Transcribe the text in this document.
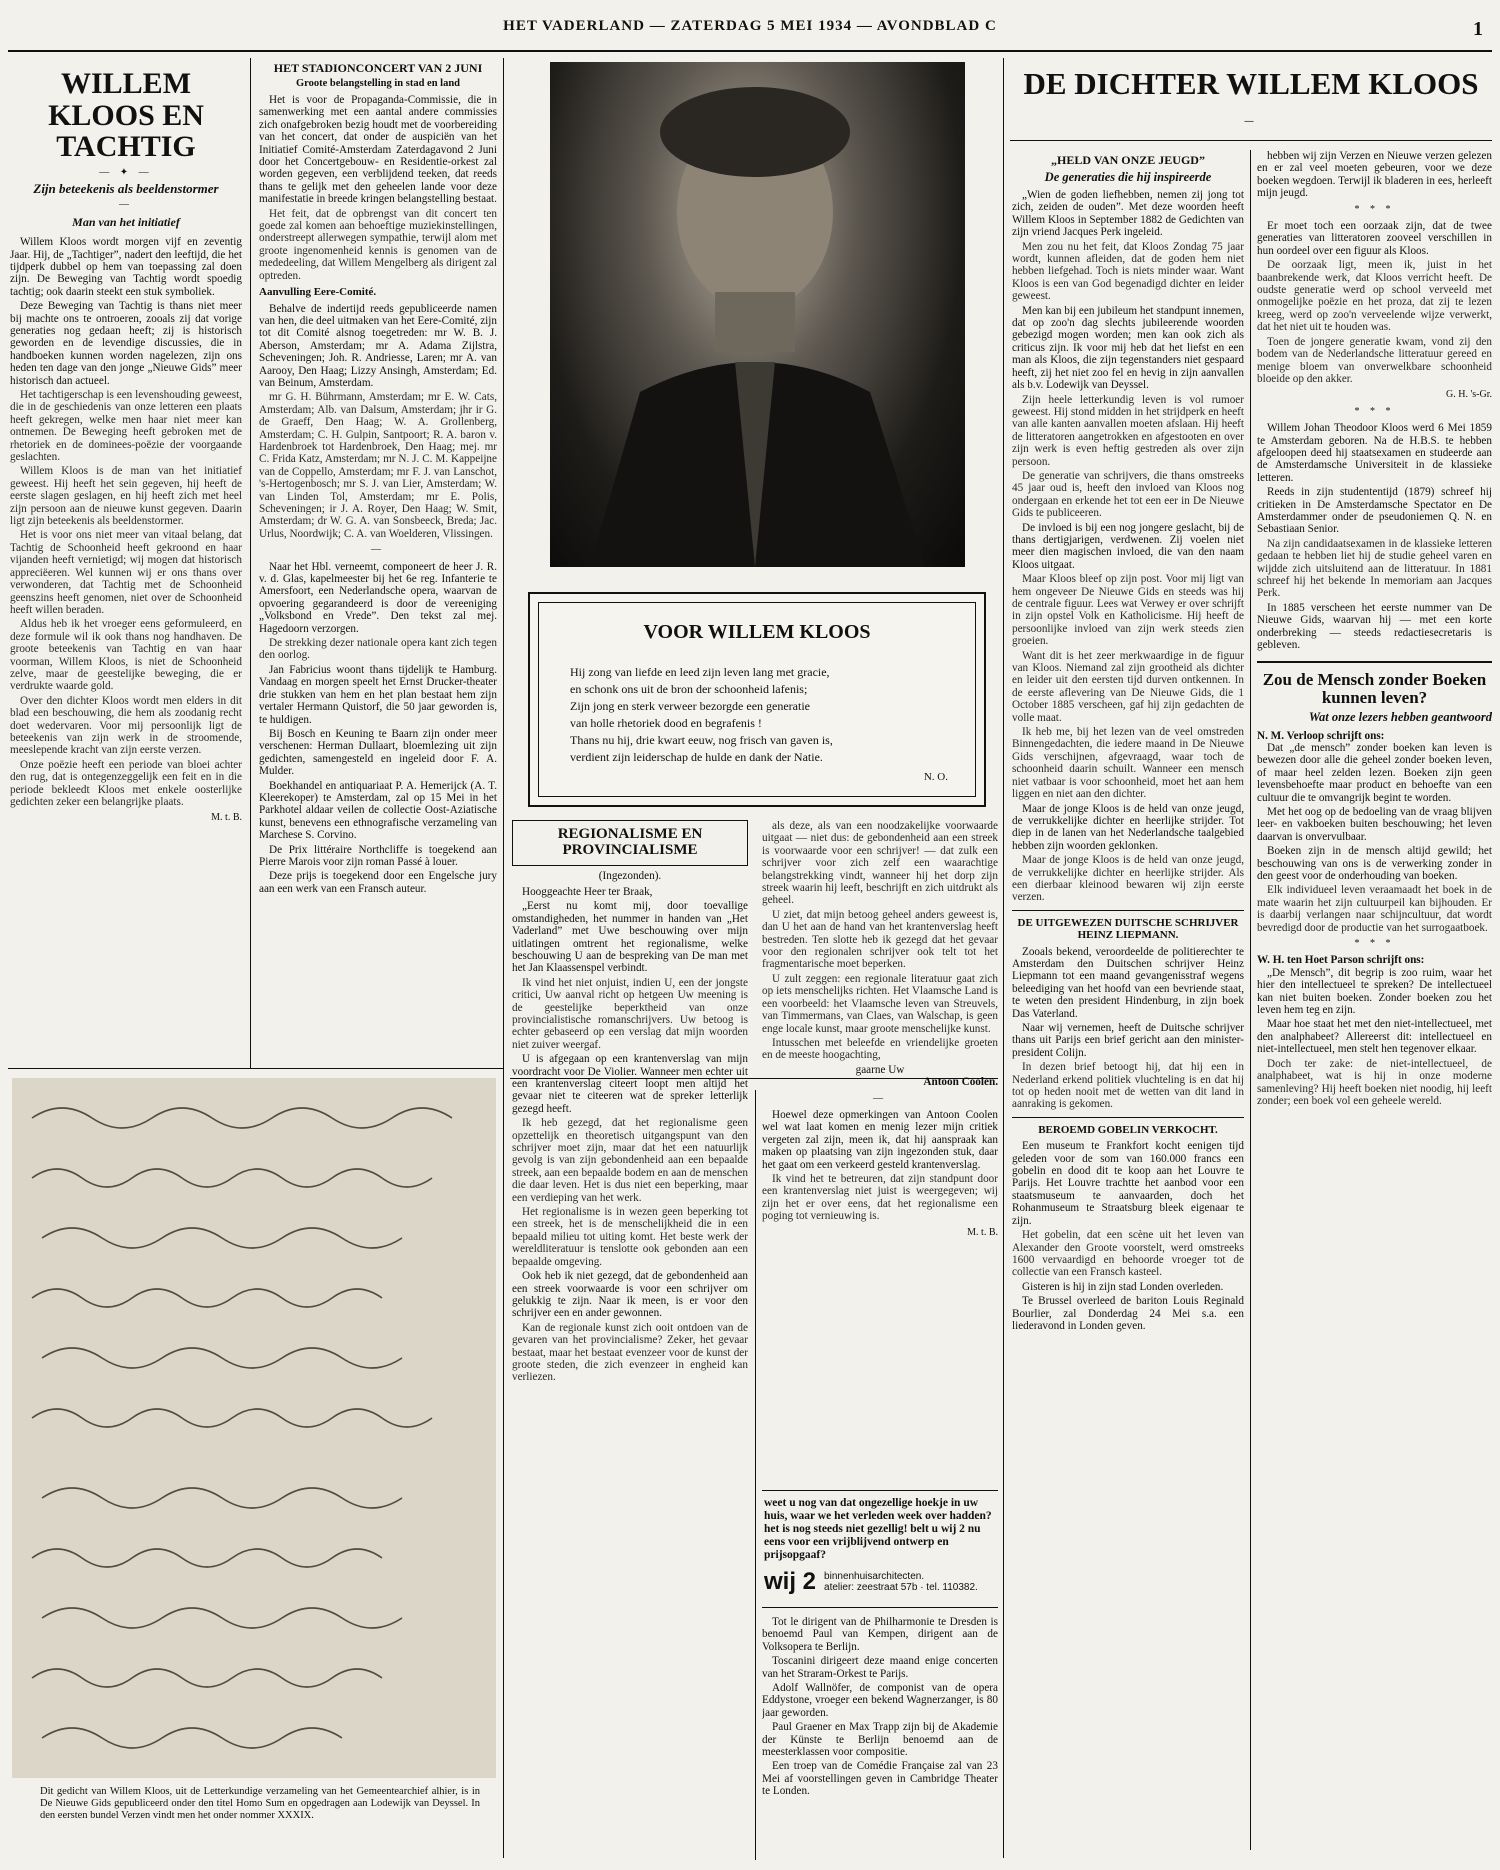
HET VADERLAND — ZATERDAG 5 MEI 1934 — AVONDBLAD C	1
WILLEM KLOOS EN TACHTIG
— ✦ —
Zijn beteekenis als beeldenstormer
—
Man van het initiatief

Willem Kloos wordt morgen vijf en zeventig Jaar. Hij, de „Tachtiger”, nadert den leeftijd, die het tijdperk dubbel op hem van toepassing zal doen zijn. De Beweging van Tachtig wordt spoedig tachtig; ook daarin steekt een stuk symboliek.

Deze Beweging van Tachtig is thans niet meer bij machte ons te ontroeren, zooals zij dat vorige generaties nog gedaan heeft; zij is historisch geworden en de levendige discussies, die in handboeken kunnen worden nagelezen, zijn ons heden ten dage van den jonge „Nieuwe Gids” meer historisch dan actueel.

Het tachtigerschap is een levenshouding geweest, die in de geschiedenis van onze letteren een plaats heeft gekregen, welke men haar niet meer kan ontnemen. De Beweging heeft gebroken met de rhetoriek en de dominees-poëzie der voorgaande geslachten.

Willem Kloos is de man van het initiatief geweest. Hij heeft het sein gegeven, hij heeft de eerste slagen geslagen, en hij heeft zich met heel zijn persoon aan de nieuwe kunst gegeven. Daarin ligt zijn beteekenis als beeldenstormer.

Het is voor ons niet meer van vitaal belang, dat Tachtig de Schoonheid heeft gekroond en haar vijanden heeft vernietigd; wij mogen dat historisch appreciëeren. Wel kunnen wij er ons thans over verwonderen, dat Tachtig met de Schoonheid geenszins heeft genomen, niet over de Schoonheid heeft willen beraden.

Aldus heb ik het vroeger eens geformuleerd, en deze formule wil ik ook thans nog handhaven. De groote beteekenis van Tachtig en van haar voorman, Willem Kloos, is niet de Schoonheid zelve, maar de geestelijke beweging, die er verdrukte waarde gold.

Over den dichter Kloos wordt men elders in dit blad een beschouwing, die hem als zoodanig recht doet wedervaren. Voor mij persoonlijk ligt de beteekenis van zijn werk in de stroomende, meeslepende kracht van zijn eerste verzen.

Onze poëzie heeft een periode van bloei achter den rug, dat is ontegenzeggelijk een feit en in die periode bekleedt Kloos met enkele oosterlijke gedichten zeker een belangrijke plaats.

M. t. B.
HET STADIONCONCERT VAN 2 JUNI
Groote belangstelling in stad en land

Het is voor de Propaganda-Commissie, die in samenwerking met een aantal andere commissies zich onafgebroken bezig houdt met de voorbereiding van het concert, dat onder de auspiciën van het Initiatief Comité-Amsterdam Zaterdagavond 2 Juni door het Concertgebouw- en Residentie-orkest zal worden gegeven, een verblijdend teeken, dat reeds thans te gelijk met den geheelen lande voor deze manifestatie in breede kringen belangstelling bestaat.

Het feit, dat de opbrengst van dit concert ten goede zal komen aan behoeftige muziekinstellingen, onderstreept allerwegen sympathie, terwijl alom met groote ingenomenheid kennis is genomen van de mededeeling, dat Willem Mengelberg als dirigent zal optreden.

Aanvulling Eere-Comité.

Behalve de indertijd reeds gepubliceerde namen van hen, die deel uitmaken van het Eere-Comité, zijn tot dit Comité alsnog toegetreden: mr W. B. J. Aberson, Amsterdam; mr A. Adama Zijlstra, Scheveningen; Joh. R. Andriesse, Laren; mr A. van Aarooy, Den Haag; Lizzy Ansingh, Amsterdam; Ed. van Beinum, Amsterdam.

mr G. H. Bührmann, Amsterdam; mr E. W. Cats, Amsterdam; Alb. van Dalsum, Amsterdam; jhr ir G. de Graeff, Den Haag; W. A. Grollenberg, Amsterdam; C. H. Gulpin, Santpoort; R. A. baron v. Hardenbroek tot Hardenbroek, Den Haag; mej. mr C. Frida Katz, Amsterdam; mr N. J. C. M. Kappeijne van de Coppello, Amsterdam; mr F. J. van Lanschot, 's-Hertogenbosch; mr S. J. van Lier, Amsterdam; W. van Linden Tol, Amsterdam; mr E. Polis, Scheveningen; ir J. A. Royer, Den Haag; W. Smit, Amsterdam; dr W. G. A. van Sonsbeeck, Breda; Jac. Urlus, Noordwijk; C. A. van Woelderen, Vlissingen.

—

Naar het Hbl. verneemt, componeert de heer J. R. v. d. Glas, kapelmeester bij het 6e reg. Infanterie te Amersfoort, een Nederlandsche opera, waarvan de opvoering gegarandeerd is door de vereeniging „Volksbond en Vrede”. Den tekst zal mej. Hagedoorn verzorgen.

De strekking dezer nationale opera kant zich tegen den oorlog.

Jan Fabricius woont thans tijdelijk te Hamburg. Vandaag en morgen speelt het Ernst Drucker-theater drie stukken van hem en het plan bestaat hem zijn vertaler Hermann Quistorf, die 50 jaar geworden is, te huldigen.

Bij Bosch en Keuning te Baarn zijn onder meer verschenen: Herman Dullaart, bloemlezing uit zijn gedichten, samengesteld en ingeleid door F. A. Mulder.

Boekhandel en antiquariaat P. A. Hemerijck (A. T. Kleerekoper) te Amsterdam, zal op 15 Mei in het Parkhotel aldaar veilen de collectie Oost-Aziatische kunst, benevens een ethnografische verzameling van Marchese S. Corvino.

De Prix littéraire Northcliffe is toegekend aan Pierre Marois voor zijn roman Passé à louer.

Deze prijs is toegekend door een Engelsche jury aan een werk van een Fransch auteur.

Dit gedicht van Willem Kloos, uit de Letterkundige verzameling van het Gemeentearchief alhier, is in De Nieuwe Gids gepubliceerd onder den titel Homo Sum en opgedragen aan Lodewijk van Deyssel. In den eersten bundel Verzen vindt men het onder nommer XXXIX.
VOOR WILLEM KLOOS
Hij zong van liefde en leed zijn leven lang met gracie,
en schonk ons uit de bron der schoonheid lafenis;
Zijn jong en sterk verweer bezorgde een generatie
van holle rhetoriek dood en begrafenis !
Thans nu hij, drie kwart eeuw, nog frisch van gaven is,
verdient zijn leiderschap de hulde en dank der Natie.
N. O.
REGIONALISME EN PROVINCIALISME
(Ingezonden).

Hooggeachte Heer ter Braak,

„Eerst nu komt mij, door toevallige omstandigheden, het nummer in handen van „Het Vaderland” met Uwe beschouwing over mijn uitlatingen omtrent het regionalisme, welke beschouwing U aan de bespreking van De man met het Jan Klaassenspel verbindt.

Ik vind het niet onjuist, indien U, een der jongste critici, Uw aanval richt op hetgeen Uw meening is de geestelijke beperktheid van onze provincialistische romanschrijvers. Uw betoog is echter gebaseerd op een verslag dat mijn woorden niet zuiver weergaf.

U is afgegaan op een krantenverslag van mijn voordracht voor De Violier. Wanneer men echter uit een krantenverslag citeert loopt men altijd het gevaar niet te citeeren wat de spreker letterlijk gezegd heeft.

Ik heb gezegd, dat het regionalisme geen opzettelijk en theoretisch uitgangspunt van den schrijver moet zijn, maar dat het een natuurlijk gevolg is van zijn gebondenheid aan een bepaalde streek, aan een bepaalde bodem en aan de menschen die daar leven. Het is dus niet een beperking, maar een verdieping van het werk.

Het regionalisme is in wezen geen beperking tot een streek, het is de menschelijkheid die in een bepaald milieu tot uiting komt. Het beste werk der wereldliteratuur is tenslotte ook gebonden aan een bepaalde omgeving.

Ook heb ik niet gezegd, dat de gebondenheid aan een streek voorwaarde is voor een schrijver om gelukkig te zijn. Naar ik meen, is er voor den schrijver een en ander gewonnen.

Kan de regionale kunst zich ooit ontdoen van de gevaren van het provincialisme? Zeker, het gevaar bestaat, maar het bestaat evenzeer voor de kunst der groote steden, die zich evenzeer in engheid kan verliezen.

als deze, als van een noodzakelijke voorwaarde uitgaat — niet dus: de gebondenheid aan een streek is voorwaarde voor een schrijver! — dat zulk een schrijver voor zich zelf een waarachtige belangstrekking vindt, wanneer hij het dorp zijn streek waarin hij leeft, beschrijft en zich uitdrukt als geheel.

U ziet, dat mijn betoog geheel anders geweest is, dan U het aan de hand van het krantenverslag heeft bestreden. Ten slotte heb ik gezegd dat het gevaar voor den regionalen schrijver ook telt tot het fragmentarische moet beperken.

U zult zeggen: een regionale literatuur gaat zich op iets menschelijks richten. Het Vlaamsche Land is een voorbeeld: het Vlaamsche leven van Streuvels, van Timmermans, van Claes, van Walschap, is geen enge locale kunst, maar groote menschelijke kunst.

Intusschen met beleefde en vriendelijke groeten en de meeste hoogachting,

gaarne Uw
Antoon Coolen.
—

Hoewel deze opmerkingen van Antoon Coolen wel wat laat komen en menig lezer mijn critiek vergeten zal zijn, meen ik, dat hij aanspraak kan maken op plaatsing van zijn ingezonden stuk, daar het gaat om een verkeerd gesteld krantenverslag.

Ik vind het te betreuren, dat zijn standpunt door een krantenverslag niet juist is weergegeven; wij zijn het er over eens, dat het regionalisme een poging tot vernieuwing is.

M. t. B.
weet u nog van dat ongezellige hoekje in uw huis, waar we het verleden week over hadden? het is nog steeds niet gezellig! belt u wij 2 nu eens voor een vrijblijvend ontwerp en prijsopgaaf?
wij 2 binnenhuisarchitecten.
atelier: zeestraat 57b · tel. 110382.

Tot le dirigent van de Philharmonie te Dresden is benoemd Paul van Kempen, dirigent aan de Volksopera te Berlijn.

Toscanini dirigeert deze maand enige concerten van het Straram-Orkest te Parijs.

Adolf Wallnöfer, de componist van de opera Eddystone, vroeger een bekend Wagnerzanger, is 80 jaar geworden.

Paul Graener en Max Trapp zijn bij de Akademie der Künste te Berlijn benoemd aan de meesterklassen voor compositie.

Een troep van de Comédie Française zal van 23 Mei af voorstellingen geven in Cambridge Theater te Londen.

DE DICHTER WILLEM KLOOS
—
„HELD VAN ONZE JEUGD”
De generaties die hij inspireerde

„Wien de goden liefhebben, nemen zij jong tot zich, zeiden de ouden”. Met deze woorden heeft Willem Kloos in September 1882 de Gedichten van zijn vriend Jacques Perk ingeleid.

Men zou nu het feit, dat Kloos Zondag 75 jaar wordt, kunnen afleiden, dat de goden hem niet hebben liefgehad. Toch is niets minder waar. Want Kloos is een van God begenadigd dichter en leider geweest.

Men kan bij een jubileum het standpunt innemen, dat op zoo'n dag slechts jubileerende woorden gebezigd mogen worden; men kan ook zich als criticus zijn. Ik voor mij heb dat het liefst en een man als Kloos, die zijn tegenstanders niet gespaard heeft, zij het niet zoo fel en hevig in zijn aanvallen als b.v. Lodewijk van Deyssel.

Zijn heele letterkundig leven is vol rumoer geweest. Hij stond midden in het strijdperk en heeft van alle kanten aanvallen moeten afslaan. Hij heeft de litteratoren aangetrokken en afgestooten en over zijn werk is even heftig gestreden als over zijn persoon.

De generatie van schrijvers, die thans omstreeks 45 jaar oud is, heeft den invloed van Kloos nog ondergaan en erkende het tot een eer in De Nieuwe Gids te publiceeren.

De invloed is bij een nog jongere geslacht, bij de thans dertigjarigen, verdwenen. Zij voelen niet meer dien magischen invloed, die van den naam Kloos uitgaat.

Maar Kloos bleef op zijn post. Voor mij ligt van hem ongeveer De Nieuwe Gids en steeds was hij de centrale figuur. Lees wat Verwey er over schrijft in zijn opstel Volk en Katholicisme. Hij heeft de persoonlijke invloed van zijn werk steeds zien groeien.

Want dit is het zeer merkwaardige in de figuur van Kloos. Niemand zal zijn grootheid als dichter en leider uit den eersten tijd durven ontkennen. In de eerste aflevering van De Nieuwe Gids, die 1 October 1885 verscheen, gaf hij zijn gedachten de volle maat.

Ik heb me, bij het lezen van de veel omstreden Binnengedachten, die iedere maand in De Nieuwe Gids verschijnen, afgevraagd, waar toch de schoonheid daarin schuilt. Wanneer een mensch niet vatbaar is voor schoonheid, moet het aan hem liggen en niet aan den dichter.

Maar de jonge Kloos is de held van onze jeugd, de verrukkelijke dichter en heerlijke strijder. Tot diep in de lanen van het Nederlandsche taalgebied hebben zijn woorden geklonken.

Maar de jonge Kloos is de held van onze jeugd, de verrukkelijke dichter en heerlijke strijder. Als een dierbaar kleinood bewaren wij zijn eerste verzen.

DE UITGEWEZEN DUITSCHE SCHRIJVER HEINZ LIEPMANN.

Zooals bekend, veroordeelde de politierechter te Amsterdam den Duitschen schrijver Heinz Liepmann tot een maand gevangenisstraf wegens beleediging van het hoofd van een bevriende staat, te weten den president Hindenburg, in zijn boek Das Vaterland.

Naar wij vernemen, heeft de Duitsche schrijver thans uit Parijs een brief gericht aan den minister-president Colijn.

In dezen brief betoogt hij, dat hij een in Nederland erkend politiek vluchteling is en dat hij tot op heden nooit met de wetten van dit land in aanraking is gekomen.

BEROEMD GOBELIN VERKOCHT.

Een museum te Frankfort kocht eenigen tijd geleden voor de som van 160.000 francs een gobelin en dood dit te koop aan het Louvre te Parijs. Het Louvre trachtte het aanbod voor een staatsmuseum te aanvaarden, doch het Rohanmuseum te Straatsburg bleek eigenaar te zijn.

Het gobelin, dat een scène uit het leven van Alexander den Groote voorstelt, werd omstreeks 1600 vervaardigd en behoorde vroeger tot de collectie van een Fransch kasteel.

Gisteren is hij in zijn stad Londen overleden.

Te Brussel overleed de bariton Louis Reginald Bourlier, zal Donderdag 24 Mei s.a. een liederavond in Londen geven.

hebben wij zijn Verzen en Nieuwe verzen gelezen en er zal veel moeten gebeuren, voor we deze boeken wegdoen. Terwijl ik bladeren in ees, herleeft mijn jeugd.

* * *

Er moet toch een oorzaak zijn, dat de twee generaties van litteratoren zooveel verschillen in hun oordeel over een figuur als Kloos.

De oorzaak ligt, meen ik, juist in het baanbrekende werk, dat Kloos verricht heeft. De oudste generatie werd op school verveeld met onmogelijke poëzie en het proza, dat zij te lezen kreeg, werd op zoo'n verveelende wijze verwerkt, dat het niet uit te houden was.

Toen de jongere generatie kwam, vond zij den bodem van de Nederlandsche litteratuur gereed en menige bloem van onverwelkbare schoonheid bloeide op den akker.

G. H. 's-Gr.
* * *

Willem Johan Theodoor Kloos werd 6 Mei 1859 te Amsterdam geboren. Na de H.B.S. te hebben afgeloopen deed hij staatsexamen en studeerde aan de Amsterdamsche Universiteit in de klassieke letteren.

Reeds in zijn studententijd (1879) schreef hij critieken in De Amsterdamsche Spectator en De Amsterdammer onder de pseudoniemen Q. N. en Sebastiaan Senior.

Na zijn candidaatsexamen in de klassieke letteren gedaan te hebben liet hij de studie geheel varen en wijdde zich uitsluitend aan de litteratuur. In 1881 schreef hij het bekende In memoriam aan Jacques Perk.

In 1885 verscheen het eerste nummer van De Nieuwe Gids, waarvan hij — met een korte onderbreking — steeds redactiesecretaris is gebleven.

Zou de Mensch zonder Boeken kunnen leven?
Wat onze lezers hebben geantwoord
N. M. Verloop schrijft ons:

Dat „de mensch” zonder boeken kan leven is bewezen door alle die geheel zonder boeken leven, of maar heel zelden lezen. Boeken zijn geen levensbehoefte maar product en behoefte van een cultuur die te omvangrijk begint te worden.

Met het oog op de bedoeling van de vraag blijven leer- en vakboeken buiten beschouwing; het leven daarvan is onvervulbaar.

Boeken zijn in de mensch altijd gewild; het beschouwing van ons is de verwerking zonder in den geest voor de onderhouding van boeken.

Elk individueel leven veraamaadt het boek in de mate waarin het zijn cultuurpeil kan bijhouden. Er is daarbij verlangen naar schijncultuur, dat wordt bevredigd door de productie van het surrogaatboek.

* * *
W. H. ten Hoet Parson schrijft ons:

„De Mensch”, dit begrip is zoo ruim, waar het hier den intellectueel te spreken? De intellectueel kan niet buiten boeken. Zonder boeken zou het leven hem teg en zijn.

Maar hoe staat het met den niet-intellectueel, met den analphabeet? Allereerst dit: intellectueel en niet-intellectueel, men stelt hen tegenover elkaar.

Doch ter zake: de niet-intellectueel, de analphabeet, wat is hij in onze moderne samenleving? Hij heeft boeken niet noodig, hij leeft zonder; een boek vol een geheele wereld.
